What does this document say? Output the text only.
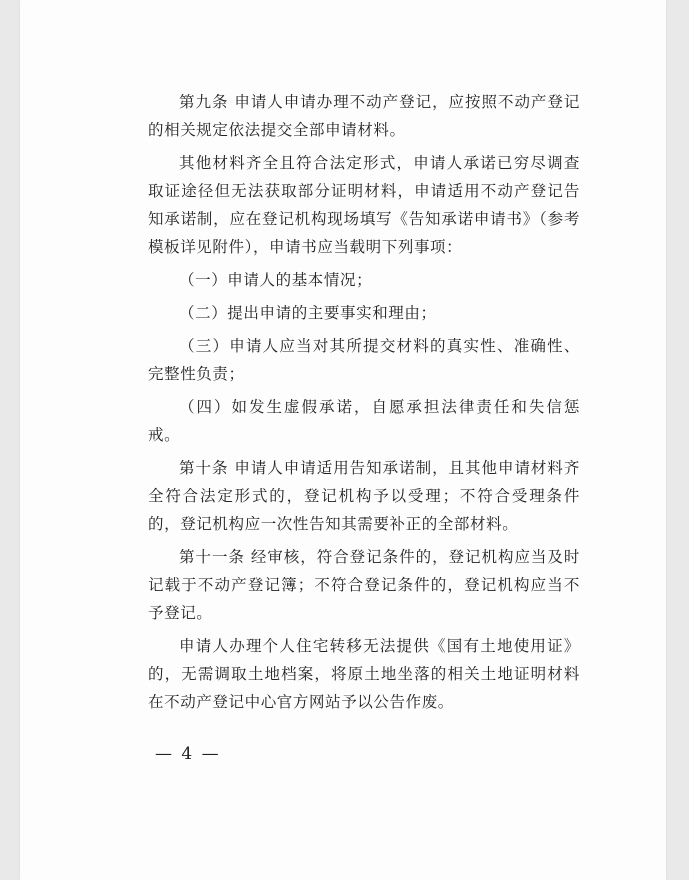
第九条 申请人申请办理不动产登记，应按照不动产登记的相关规定依法提交全部申请材料。

其他材料齐全且符合法定形式，申请人承诺已穷尽调查取证途径但无法获取部分证明材料，申请适用不动产登记告知承诺制，应在登记机构现场填写《告知承诺申请书》（参考模板详见附件），申请书应当载明下列事项：

（一）申请人的基本情况；

（二）提出申请的主要事实和理由；

（三）申请人应当对其所提交材料的真实性、准确性、完整性负责；

（四）如发生虚假承诺，自愿承担法律责任和失信惩戒。

第十条 申请人申请适用告知承诺制，且其他申请材料齐全符合法定形式的，登记机构予以受理；不符合受理条件的，登记机构应一次性告知其需要补正的全部材料。

第十一条 经审核，符合登记条件的，登记机构应当及时记载于不动产登记簿；不符合登记条件的，登记机构应当不予登记。

申请人办理个人住宅转移无法提供《国有土地使用证》的，无需调取土地档案，将原土地坐落的相关土地证明材料在不动产登记中心官方网站予以公告作废。

— 4 —
